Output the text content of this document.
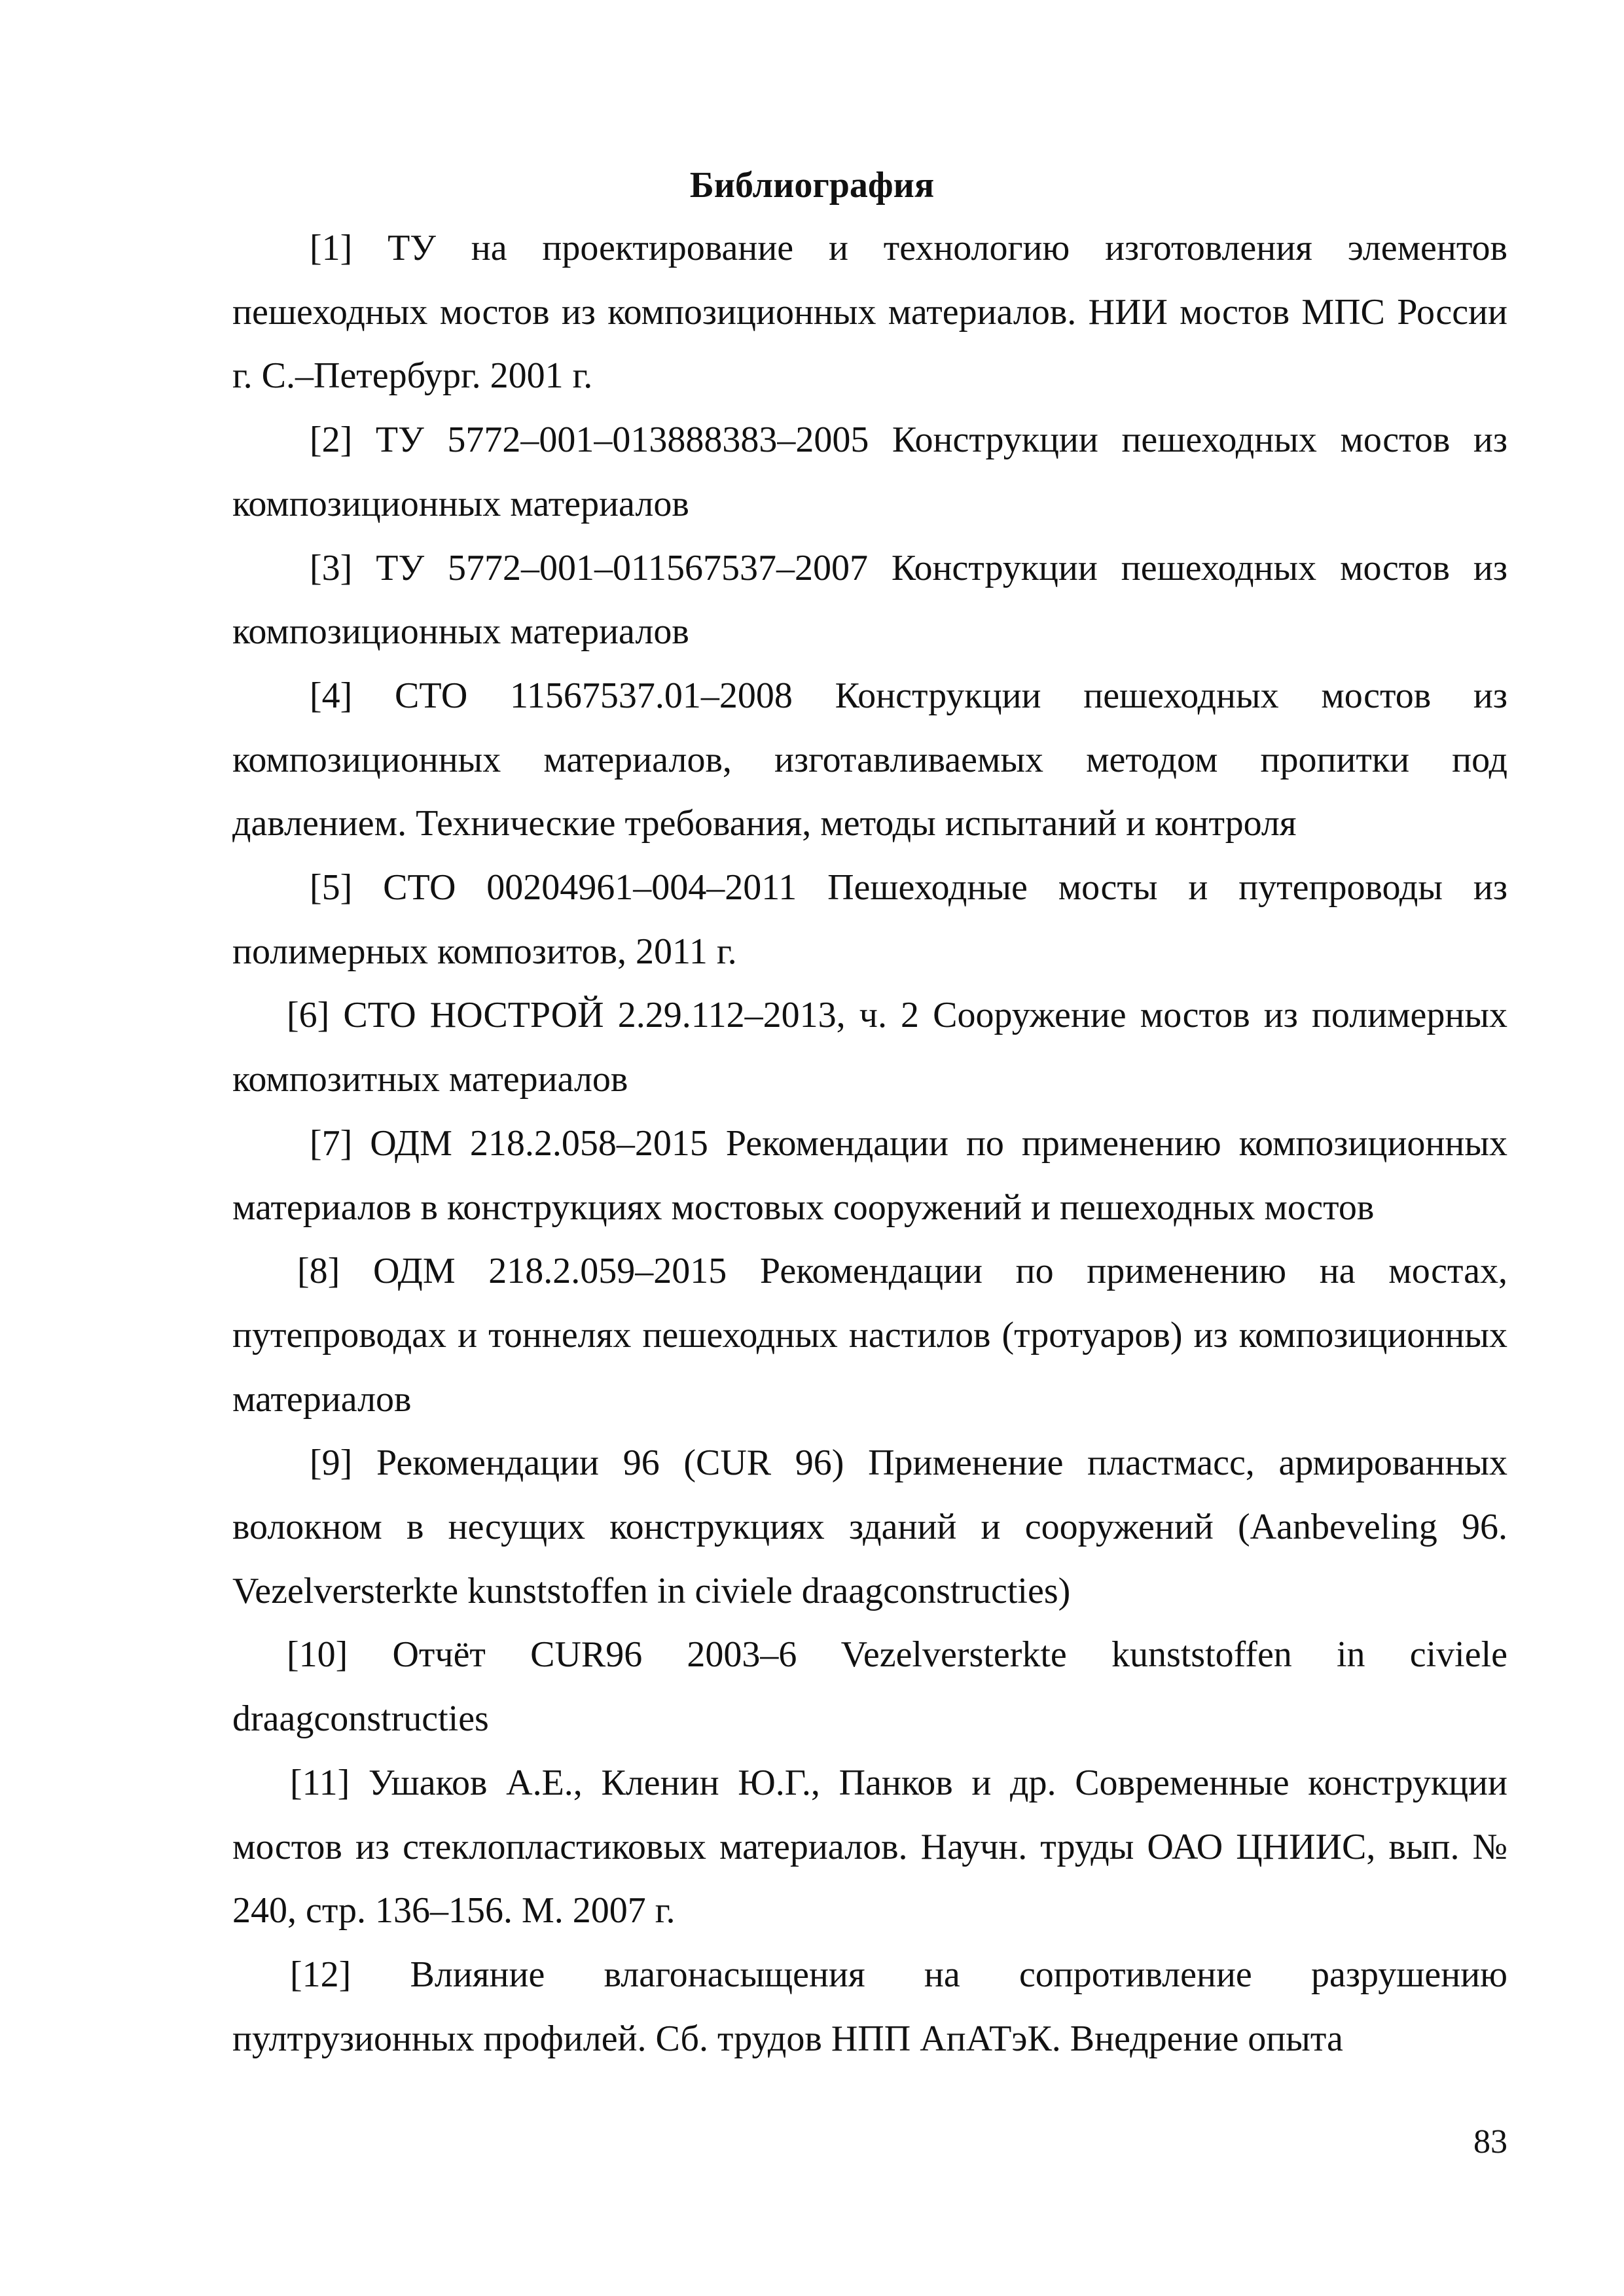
Библиография

[1] ТУ на проектирование и технологию изготовления элементов пешеходных мостов из композиционных материалов. НИИ мостов МПС России г. С.–Петербург. 2001 г.

[2] ТУ 5772–001–013888383–2005 Конструкции пешеходных мостов из композиционных материалов

[3] ТУ 5772–001–011567537–2007 Конструкции пешеходных мостов из композиционных материалов

[4] СТО 11567537.01–2008 Конструкции пешеходных мостов из композиционных материалов, изготавливаемых методом пропитки под давлением. Технические требования, методы испытаний и контроля

[5] СТО 00204961–004–2011 Пешеходные мосты и путепроводы из полимерных композитов, 2011 г.

[6] СТО НОСТРОЙ 2.29.112–2013, ч. 2 Сооружение мостов из полимерных композитных материалов

[7] ОДМ 218.2.058–2015 Рекомендации по применению композиционных материалов в конструкциях мостовых сооружений и пешеходных мостов

[8] ОДМ 218.2.059–2015 Рекомендации по применению на мостах, путепроводах и тоннелях пешеходных настилов (тротуаров) из композиционных материалов

[9] Рекомендации 96 (CUR 96) Применение пластмасс, армированных волокном в несущих конструкциях зданий и сооружений (Aanbeveling 96. Vezelversterkte kunststoffen in civiele draagconstructies)

[10] Отчёт CUR96 2003–6 Vezelversterkte kunststoffen in civiele draagconstructies

[11] Ушаков А.Е., Кленин Ю.Г., Панков и др. Современные конструкции мостов из стеклопластиковых материалов. Научн. труды ОАО ЦНИИС, вып. № 240, стр. 136–156. М. 2007 г.

[12] Влияние влагонасыщения на сопротивление разрушению пултрузионных профилей. Сб. трудов НПП АпАТэК. Внедрение опыта

83
